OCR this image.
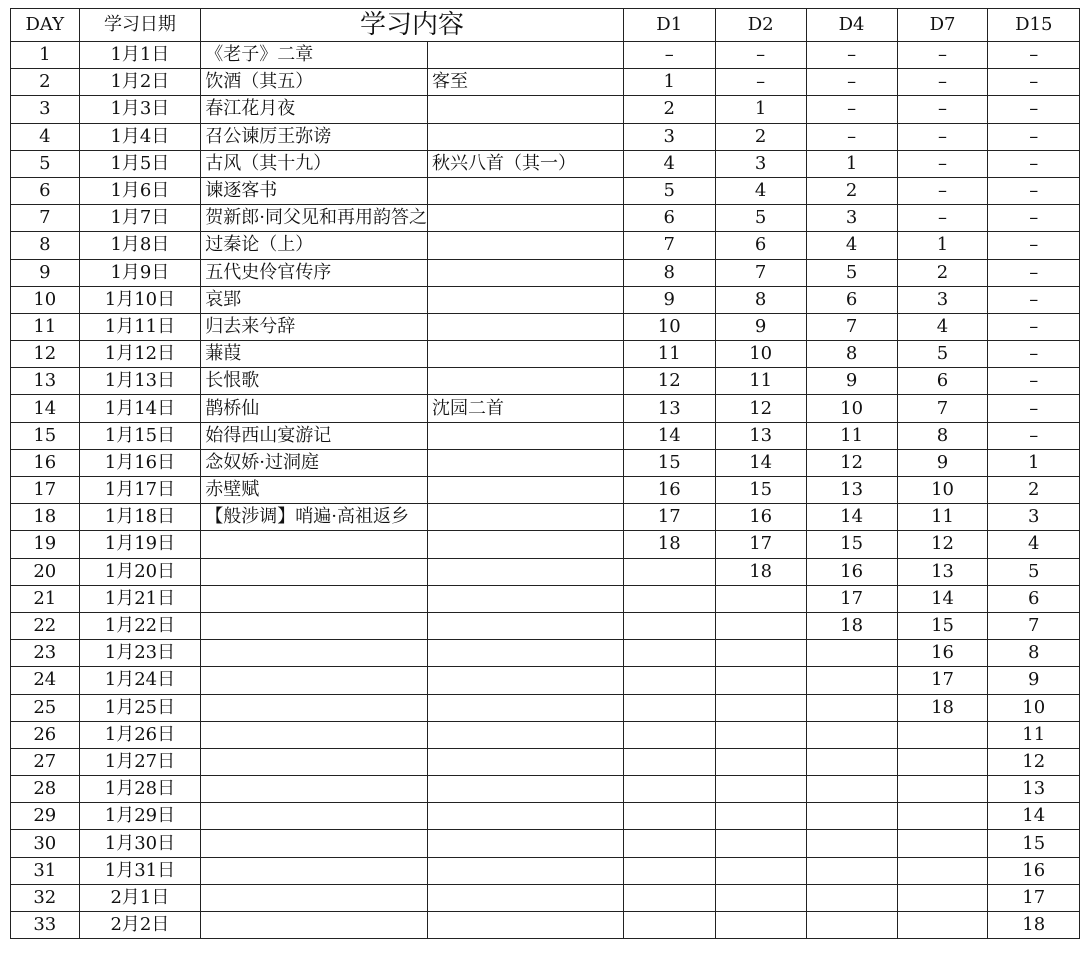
DAY	学习日期	学习内容		D1	D2	D4	D7	D15
1	1月1日	《老子》二章		–	–	–	–	–
2	1月2日	饮酒（其五）	客至	1	–	–	–	–
3	1月3日	春江花月夜		2	1	–	–	–
4	1月4日	召公谏厉王弥谤		3	2	–	–	–
5	1月5日	古风（其十九）	秋兴八首（其一）	4	3	1	–	–
6	1月6日	谏逐客书		5	4	2	–	–
7	1月7日	贺新郎·同父见和再用韵答之		6	5	3	–	–
8	1月8日	过秦论（上）		7	6	4	1	–
9	1月9日	五代史伶官传序		8	7	5	2	–
10	1月10日	哀郢		9	8	6	3	–
11	1月11日	归去来兮辞		10	9	7	4	–
12	1月12日	蒹葭		11	10	8	5	–
13	1月13日	长恨歌		12	11	9	6	–
14	1月14日	鹊桥仙	沈园二首	13	12	10	7	–
15	1月15日	始得西山宴游记		14	13	11	8	–
16	1月16日	念奴娇·过洞庭		15	14	12	9	1
17	1月17日	赤壁赋		16	15	13	10	2
18	1月18日	【般涉调】哨遍·高祖返乡		17	16	14	11	3
19	1月19日			18	17	15	12	4
20	1月20日				18	16	13	5
21	1月21日					17	14	6
22	1月22日					18	15	7
23	1月23日						16	8
24	1月24日						17	9
25	1月25日						18	10
26	1月26日							11
27	1月27日							12
28	1月28日							13
29	1月29日							14
30	1月30日							15
31	1月31日							16
32	2月1日							17
33	2月2日							18
